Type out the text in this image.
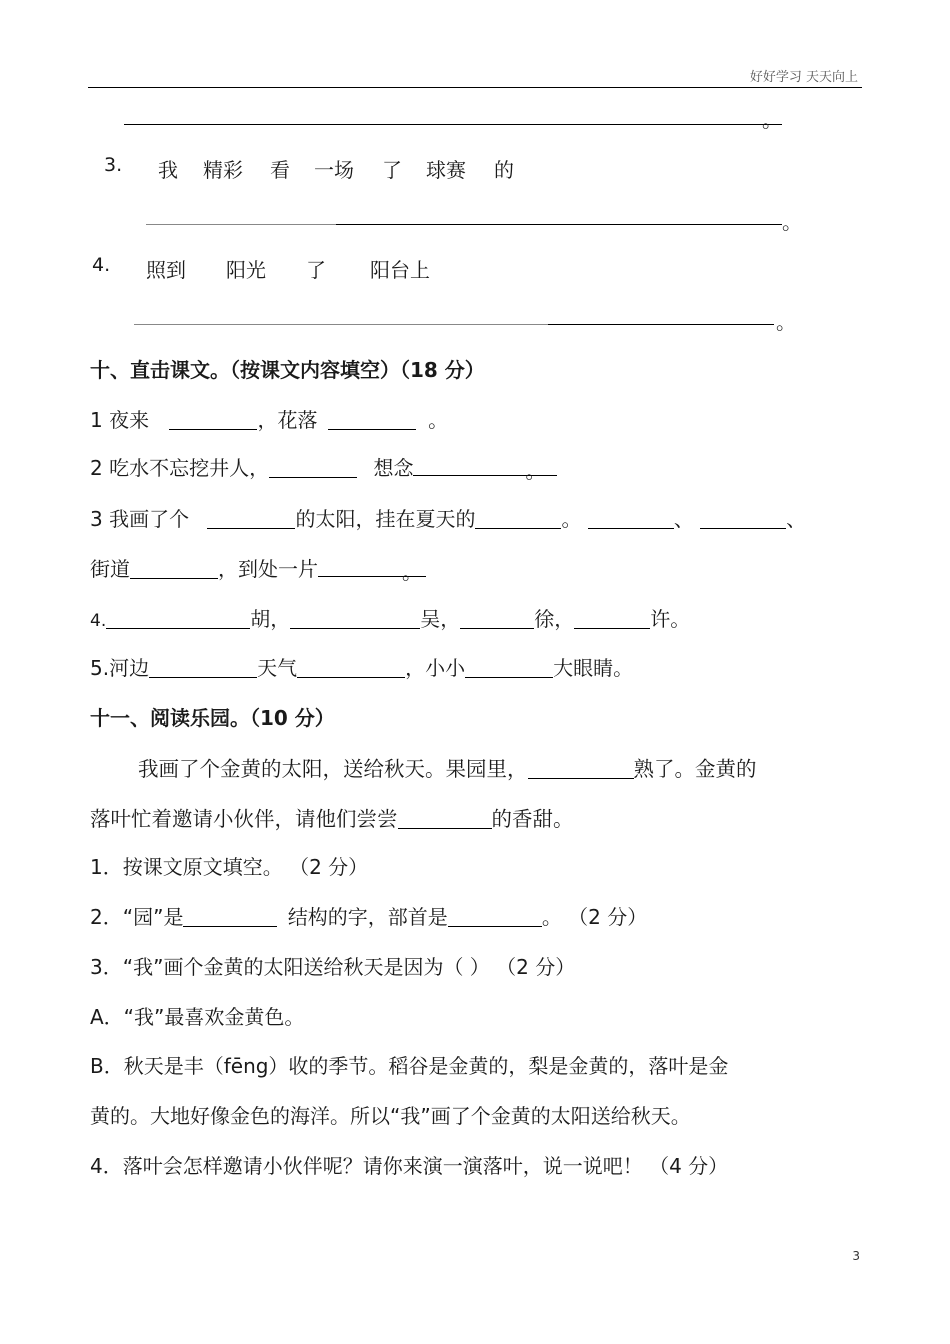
好好学习 天天向上
。
3. 我 精彩 看 一场 了 球赛 的
。
4. 照到 阳光 了 阳台上
。
十、直击课文。（按课文内容填空）（18 分）
1 夜来	，花落	。
2 吃水不忘挖井人，	想念	。
3 我画了个	的太阳，挂在夏天的	。	、	、
街道	，到处一片	。
4.	胡，	吴，	徐，	许。
5.河边	天气	，小小	大眼睛。
十一、阅读乐园。（10 分）
我画了个金黄的太阳，送给秋天。果园里，	熟了。金黄的
落叶忙着邀请小伙伴，请他们尝尝	的香甜。
1．按课文原文填空。 （2 分）
2．“园”是	结构的字，部首是	。 （2 分）
3．“我”画个金黄的太阳送给秋天是因为（ ） （2 分）
A．“我”最喜欢金黄色。
B．秋天是丰（fēng）收的季节。稻谷是金黄的，梨是金黄的，落叶是金
黄的。大地好像金色的海洋。所以“我”画了个金黄的太阳送给秋天。
4．落叶会怎样邀请小伙伴呢？请你来演一演落叶，说一说吧！ （4 分）
3
